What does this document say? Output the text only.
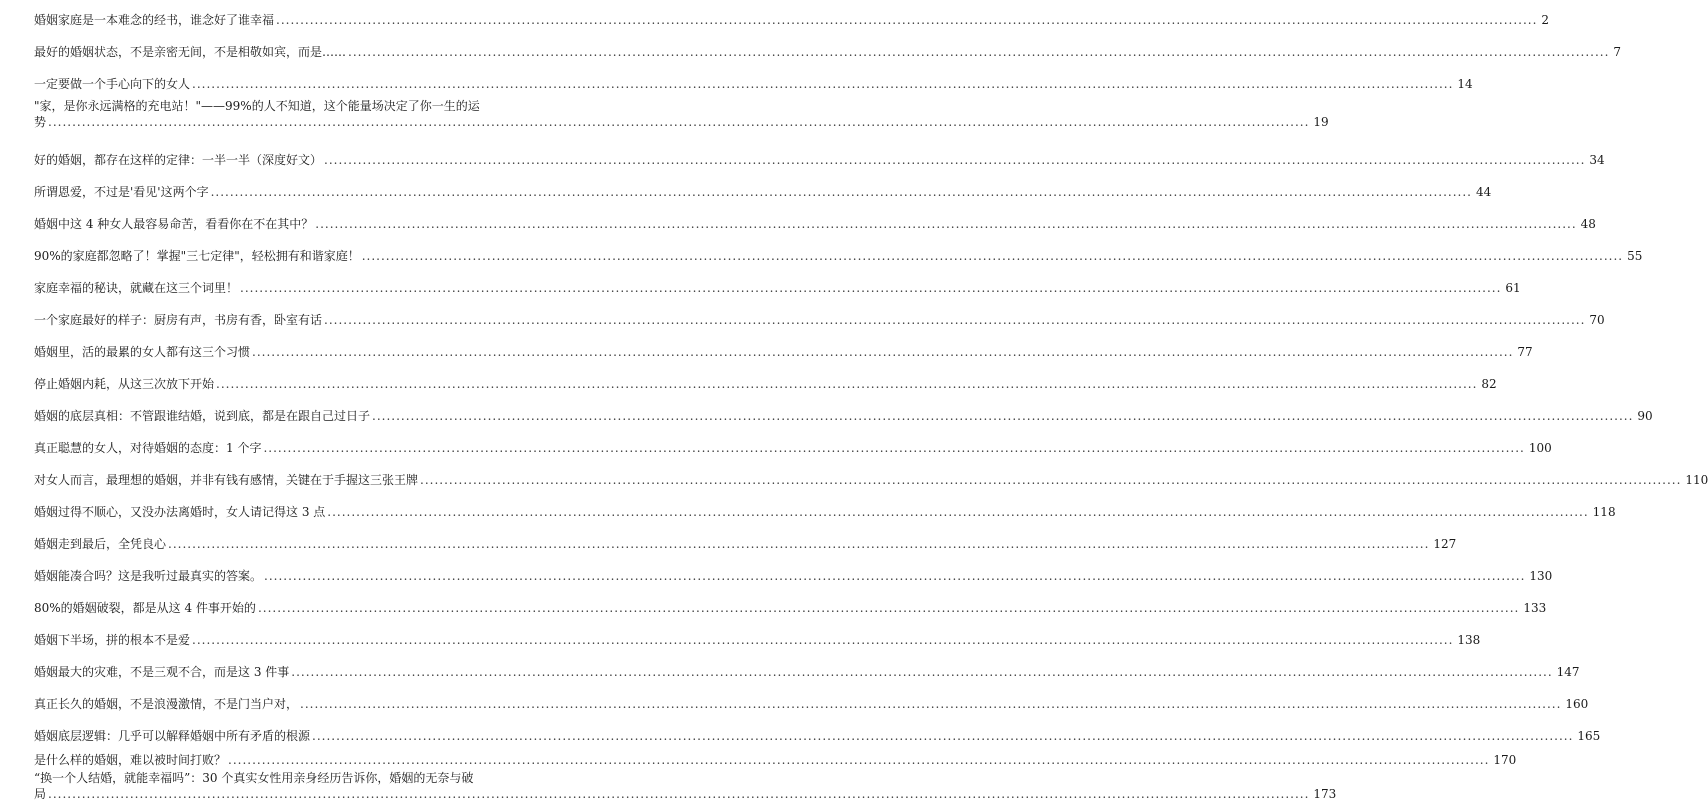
婚姻家庭是一本难念的经书，谁念好了谁幸福 .....	2
最好的婚姻状态，不是亲密无间，不是相敬如宾，而是…… .....	7
一定要做一个手心向下的女人 .....	14
"家，是你永远满格的充电站！"——99%的人不知道，这个能量场决定了你一生的运
势 .....	19
好的婚姻，都存在这样的定律：一半一半（深度好文） .....	34
所谓恩爱，不过是'看见'这两个字 .....	44
婚姻中这 4 种女人最容易命苦，看看你在不在其中？ .....	48
90%的家庭都忽略了！掌握"三七定律"，轻松拥有和谐家庭！ .....	55
家庭幸福的秘诀，就藏在这三个词里！ .....	61
一个家庭最好的样子：厨房有声，书房有香，卧室有话 .....	70
婚姻里，活的最累的女人都有这三个习惯 .....	77
停止婚姻内耗，从这三次放下开始 .....	82
婚姻的底层真相：不管跟谁结婚，说到底，都是在跟自己过日子 .....	90
真正聪慧的女人，对待婚姻的态度：1 个字 .....	100
对女人而言，最理想的婚姻，并非有钱有感情，关键在于手握这三张王牌 .....	110
婚姻过得不顺心，又没办法离婚时，女人请记得这 3 点 .....	118
婚姻走到最后，全凭良心 .....	127
婚姻能凑合吗？这是我听过最真实的答案。 .....	130
80%的婚姻破裂，都是从这 4 件事开始的 .....	133
婚姻下半场，拼的根本不是爱 .....	138
婚姻最大的灾难，不是三观不合，而是这 3 件事 .....	147
真正长久的婚姻，不是浪漫激情，不是门当户对， .....	160
婚姻底层逻辑：几乎可以解释婚姻中所有矛盾的根源 .....	165
是什么样的婚姻，难以被时间打败？ .....	170
“换一个人结婚，就能幸福吗”：30 个真实女性用亲身经历告诉你，婚姻的无奈与破
局 .....	173
